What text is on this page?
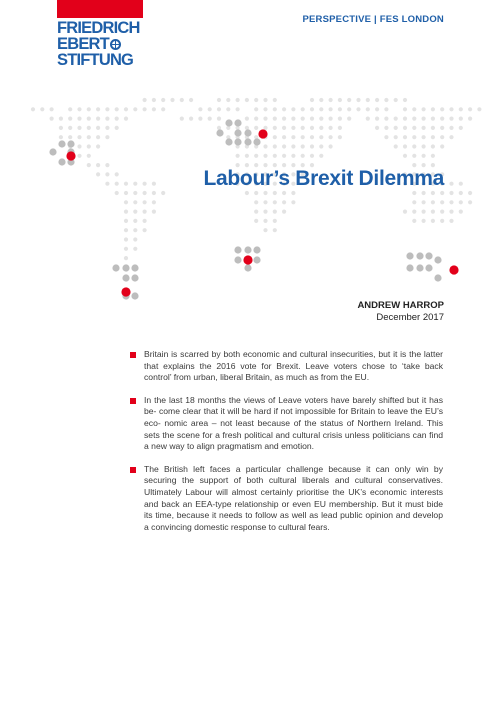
FRIEDRICH
EBERT
STIFTUNG
PERSPECTIVE | FES LONDON
Labour’s Brexit Dilemma
ANDREW HARROP
December 2017
Britain is scarred by both economic and cultural insecurities, but it is the latter that explains the 2016 vote for Brexit. Leave voters chose to ‘take back control’ from urban, liberal Britain, as much as from the EU.
In the last 18 months the views of Leave voters have barely shifted but it has be- come clear that it will be hard if not impossible for Britain to leave the EU’s eco- nomic area – not least because of the status of Northern Ireland. This sets the scene for a fresh political and cultural crisis unless politicians can find a new way to align pragmatism and emotion.
The British left faces a particular challenge because it can only win by securing the support of both cultural liberals and cultural conservatives. Ultimately Labour will almost certainly prioritise the UK’s economic interests and back an EEA-type relationship or even EU membership. But it must bide its time, because it needs to follow as well as lead public opinion and develop a convincing domestic response to cultural fears.
